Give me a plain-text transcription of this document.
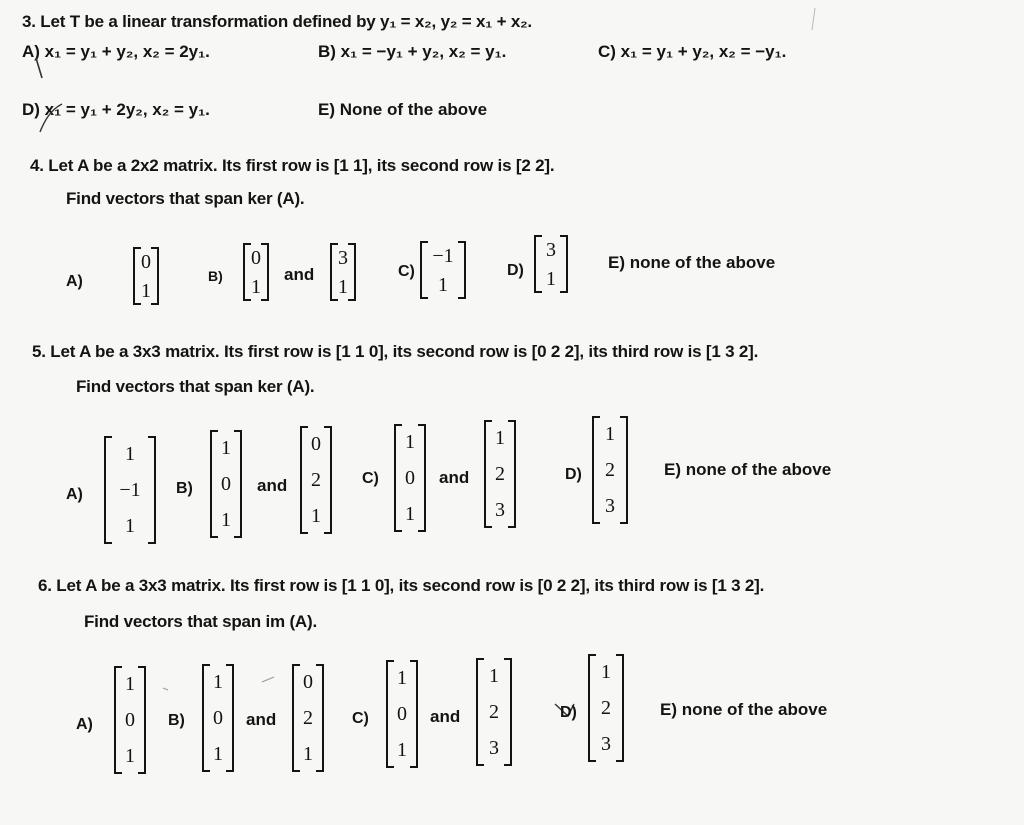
3. Let T be a linear transformation defined by y₁ = x₂, y₂ = x₁ + x₂.
A) x₁ = y₁ + y₂, x₂ = 2y₁.	B) x₁ = −y₁ + y₂, x₂ = y₁.	C) x₁ = y₁ + y₂, x₂ = −y₁.
D) x₁ = y₁ + 2y₂, x₂ = y₁.	E) None of the above
4. Let A be a 2x2 matrix. Its first row is [1 1], its second row is [2 2].
Find vectors that span ker (A).
A)
0
1
B)
0
1
and
3
1
C)
−1
1
D)
3
1
E) none of the above
5. Let A be a 3x3 matrix. Its first row is [1 1 0], its second row is [0 2 2], its third row is [1 3 2].
Find vectors that span ker (A).
A)
1
−1
1
B)
1
0
1
and
0
2
1
C)
1
0
1
and
1
2
3
D)
1
2
3
E) none of the above
6. Let A be a 3x3 matrix. Its first row is [1 1 0], its second row is [0 2 2], its third row is [1 3 2].
Find vectors that span im (A).
A)
1
0
1
B)
1
0
1
and
0
2
1
C)
1
0
1
and
1
2
3
D)
1
2
3
E) none of the above
